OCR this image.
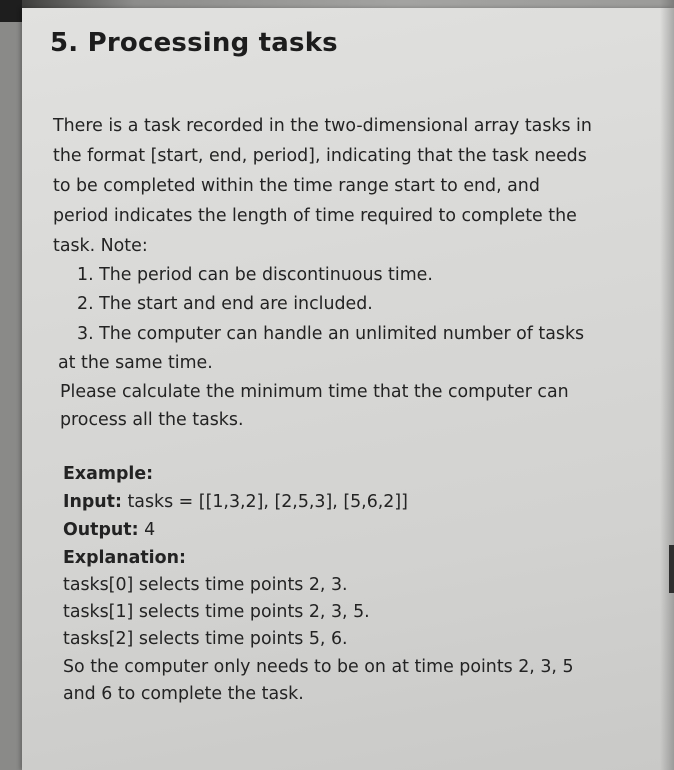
5. Processing tasks
There is a task recorded in the two-dimensional array tasks in
the format [start, end, period], indicating that the task needs
to be completed within the time range start to end, and
period indicates the length of time required to complete the
task. Note:
1. The period can be discontinuous time.
2. The start and end are included.
3. The computer can handle an unlimited number of tasks
at the same time.
Please calculate the minimum time that the computer can
process all the tasks.
Example:
Input: tasks = [[1,3,2], [2,5,3], [5,6,2]]
Output: 4
Explanation:
tasks[0] selects time points 2, 3.
tasks[1] selects time points 2, 3, 5.
tasks[2] selects time points 5, 6.
So the computer only needs to be on at time points 2, 3, 5
and 6 to complete the task.
